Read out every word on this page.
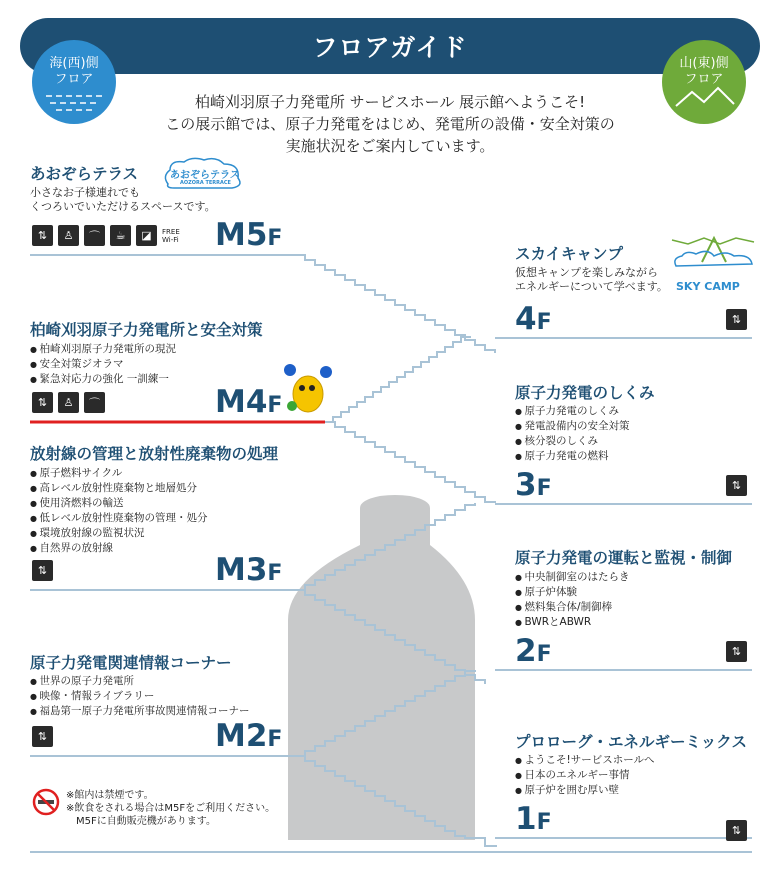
フロアガイド
海(西)側
フロア
山(東)側
フロア
柏崎刈羽原子力発電所 サービスホール 展示館へようこそ!
この展示館では、原子力発電をはじめ、発電所の設備・安全対策の
実施状況をご案内しています。
あおぞらテラス	あおぞらテラス
AOZORA TERRACE
小さなお子様連れでも
くつろいでいただけるスペースです。
⇅	♙	⌒	☕	◪	FREE Wi-Fi M5F
柏崎刈羽原子力発電所と安全対策
● 柏崎刈羽原子力発電所の現況
● 安全対策ジオラマ
● 緊急対応力の強化 一訓練一
⇅	♙	⌒	M4F
放射線の管理と放射性廃棄物の処理
● 原子燃料サイクル
● 高レベル放射性廃棄物と地層処分
● 使用済燃料の輸送
● 低レベル放射性廃棄物の管理・処分
● 環境放射線の監視状況
● 自然界の放射線
⇅	M3F
原子力発電関連情報コーナー
● 世界の原子力発電所
● 映像・情報ライブラリー
● 福島第一原子力発電所事故関連情報コーナー
⇅	M2F
※館内は禁煙です。
※飲食をされる場合はM5Fをご利用ください。
　M5Fに自動販売機があります。
スカイキャンプ
SKY CAMP
仮想キャンプを楽しみながら
エネルギーについて学べます。
4F	⇅
原子力発電のしくみ
● 原子力発電のしくみ
● 発電設備内の安全対策
● 核分裂のしくみ
● 原子力発電の燃料
3F	⇅
原子力発電の運転と監視・制御
● 中央制御室のはたらき
● 原子炉体験
● 燃料集合体/制御棒
● BWRとABWR
2F	⇅
プロローグ・エネルギーミックス
● ようこそ!サービスホールへ
● 日本のエネルギー事情
● 原子炉を囲む厚い壁
1F	⇅
